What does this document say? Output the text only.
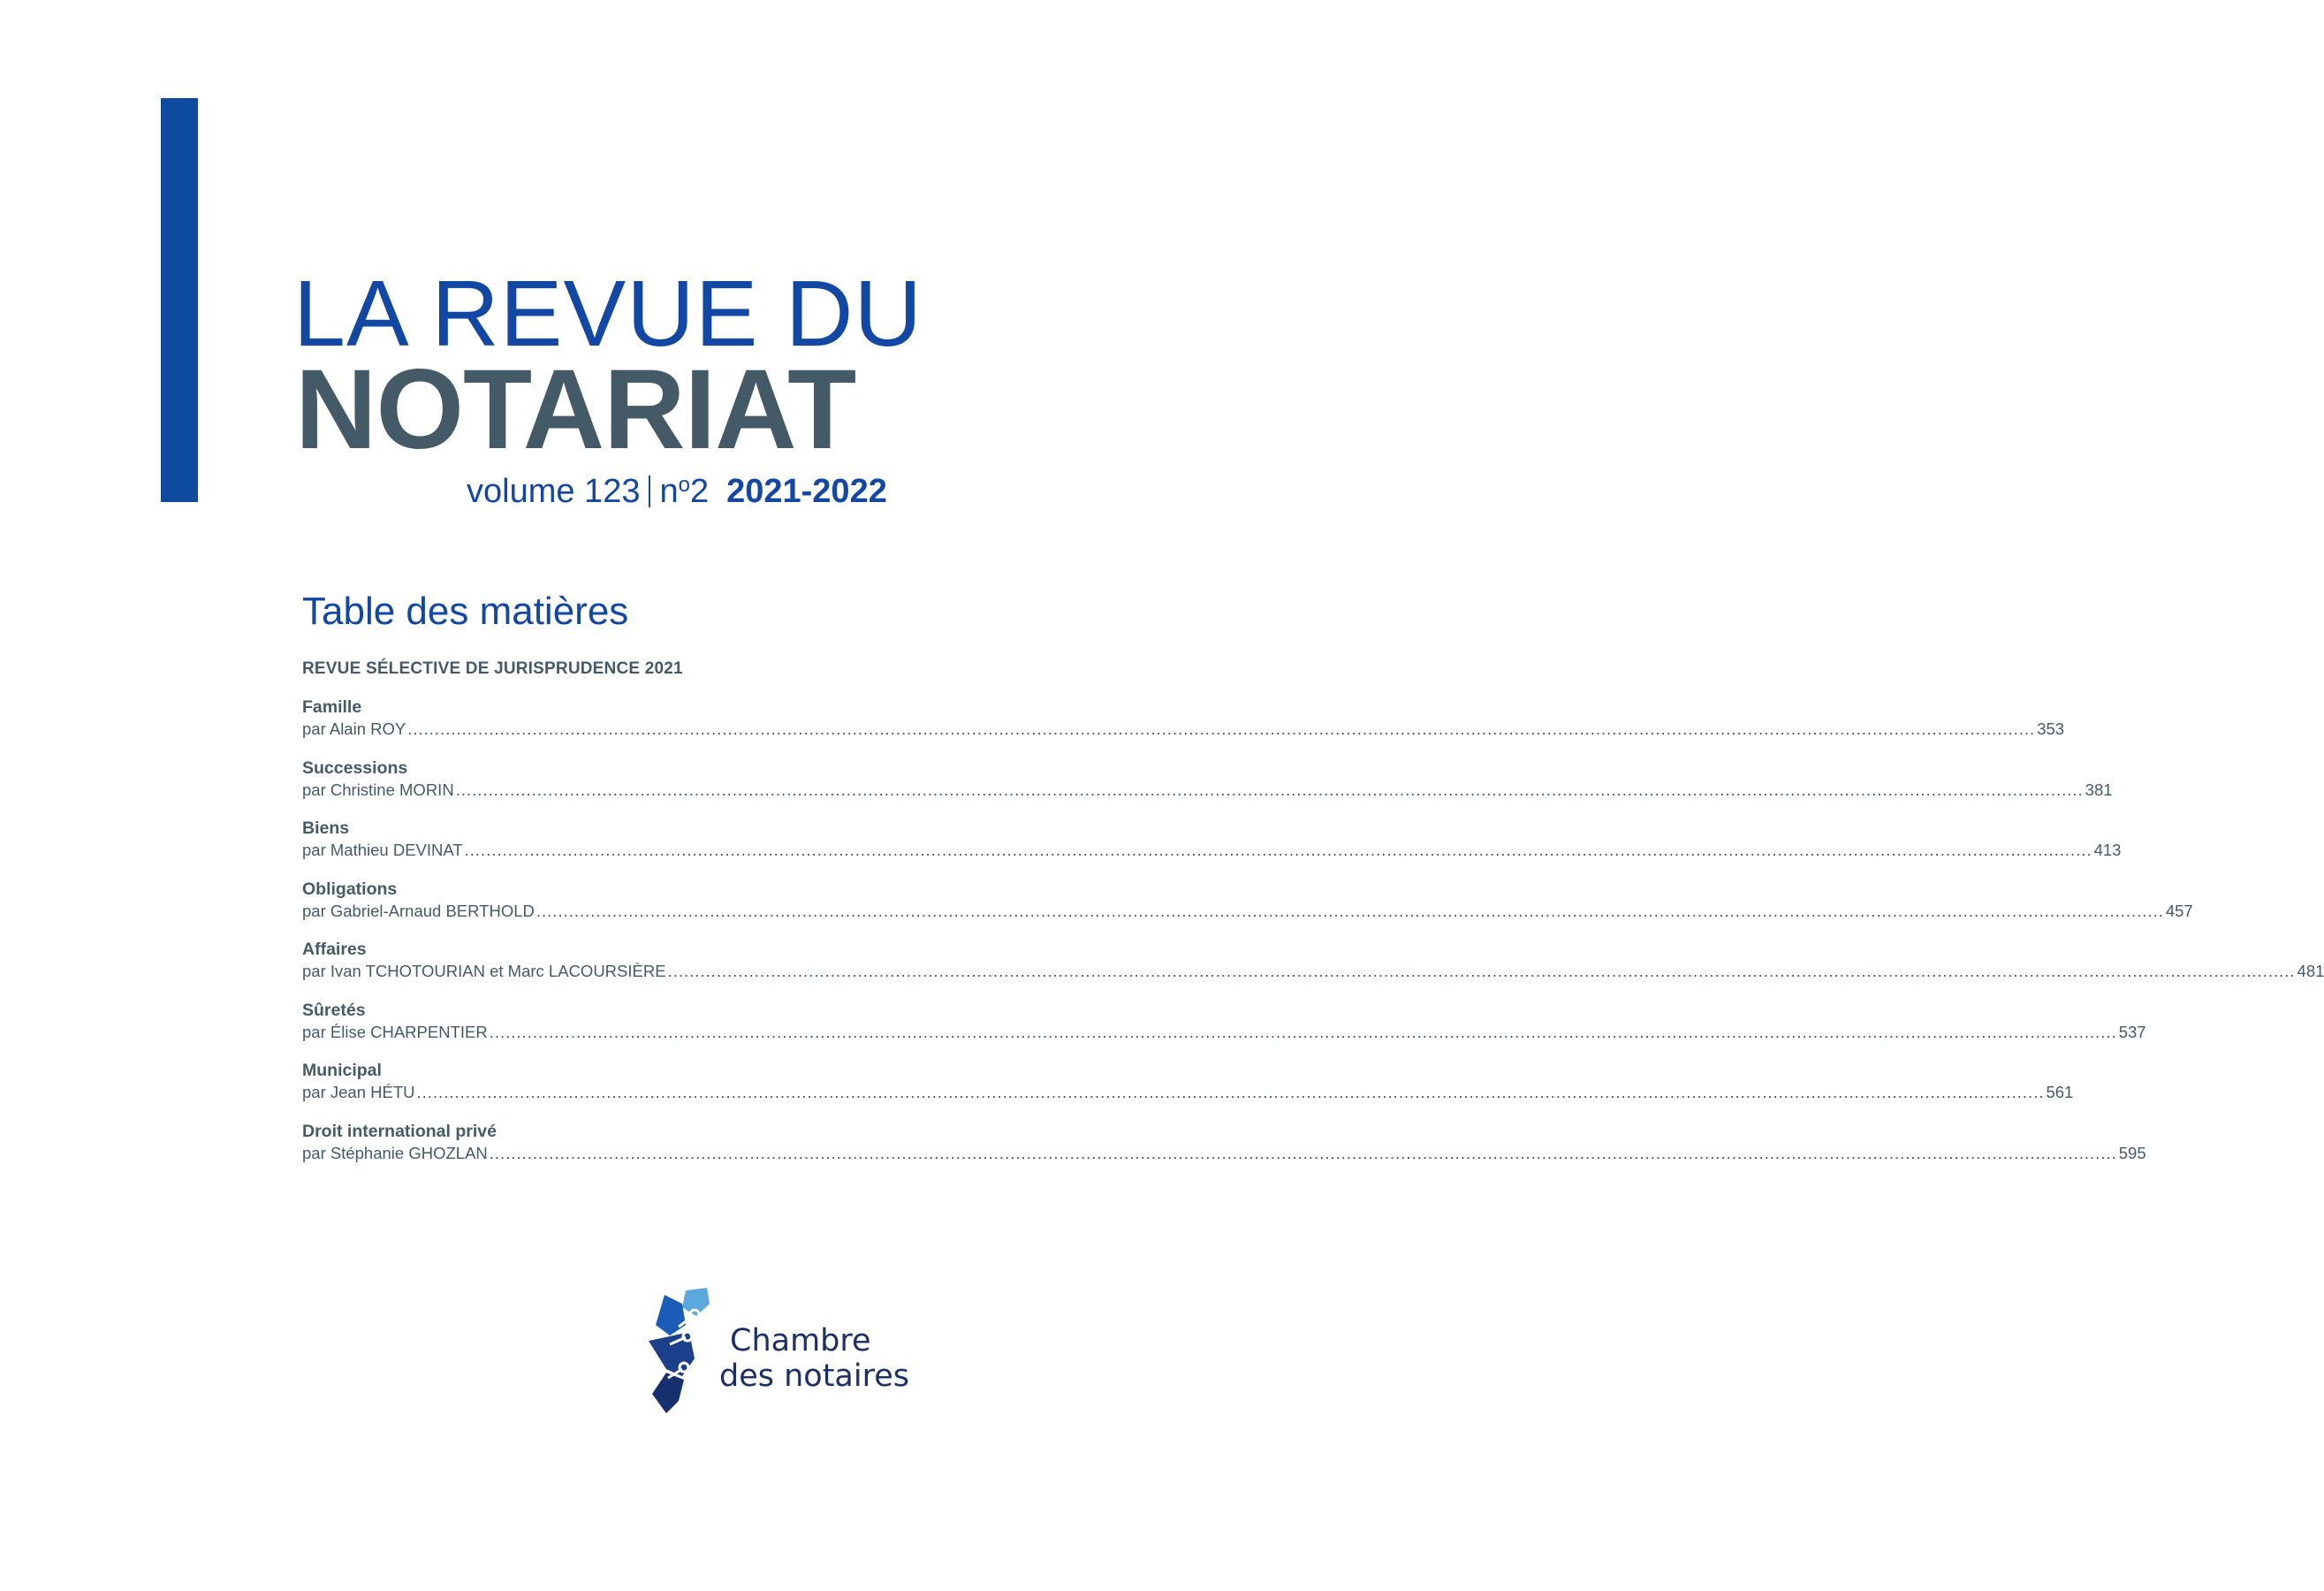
LA REVUE DU
NOTARIAT
volume 123 n o 2 2021-2022
Table des matières
REVUE SÉLECTIVE DE JURISPRUDENCE 2021
Famille
par Alain ROY ............................................................................................................................................................................................................................................................................................................ 353
Successions
par Christine MORIN ............................................................................................................................................................................................................................................................................................................ 381
Biens
par Mathieu DEVINAT ............................................................................................................................................................................................................................................................................................................ 413
Obligations
par Gabriel-Arnaud BERTHOLD ............................................................................................................................................................................................................................................................................................................ 457
Affaires
par Ivan TCHOTOURIAN et Marc LACOURSIÈRE ............................................................................................................................................................................................................................................................................................................ 481
Sûretés
par Élise CHARPENTIER ............................................................................................................................................................................................................................................................................................................ 537
Municipal
par Jean HÉTU ............................................................................................................................................................................................................................................................................................................ 561
Droit international privé
par Stéphanie GHOZLAN ............................................................................................................................................................................................................................................................................................................ 595
Chambre
des notaires
